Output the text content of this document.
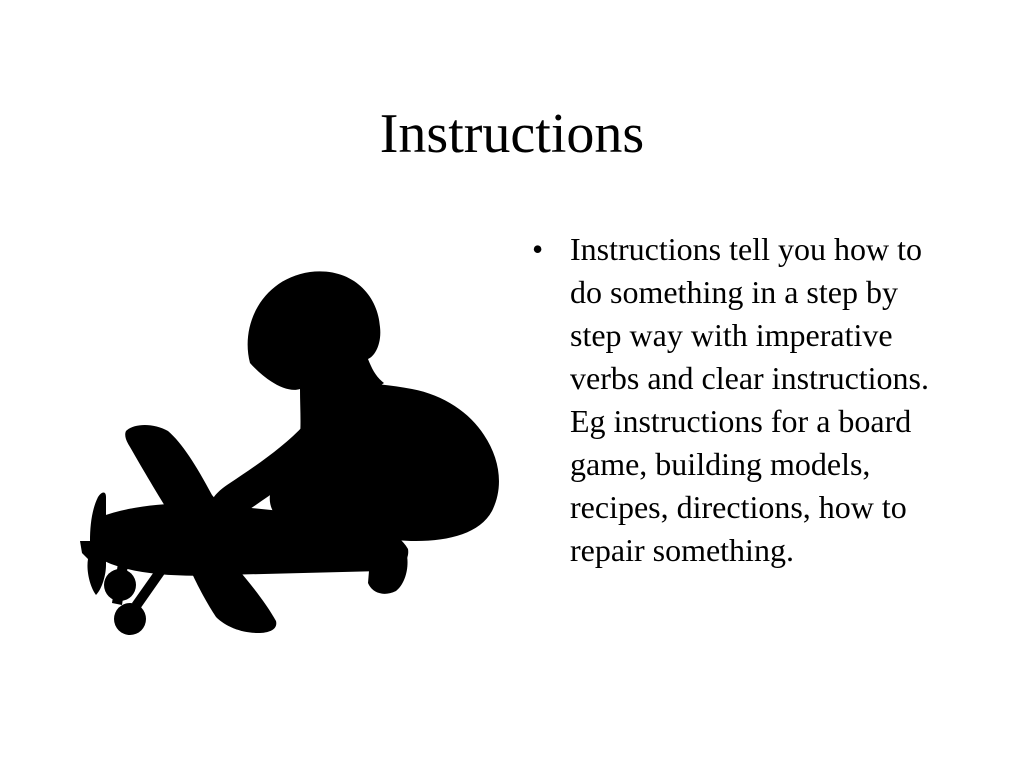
Instructions
• Instructions tell you how to do something in a step by step way with imperative verbs and clear instructions. Eg instructions for a board game, building models, recipes, directions, how to repair something.
